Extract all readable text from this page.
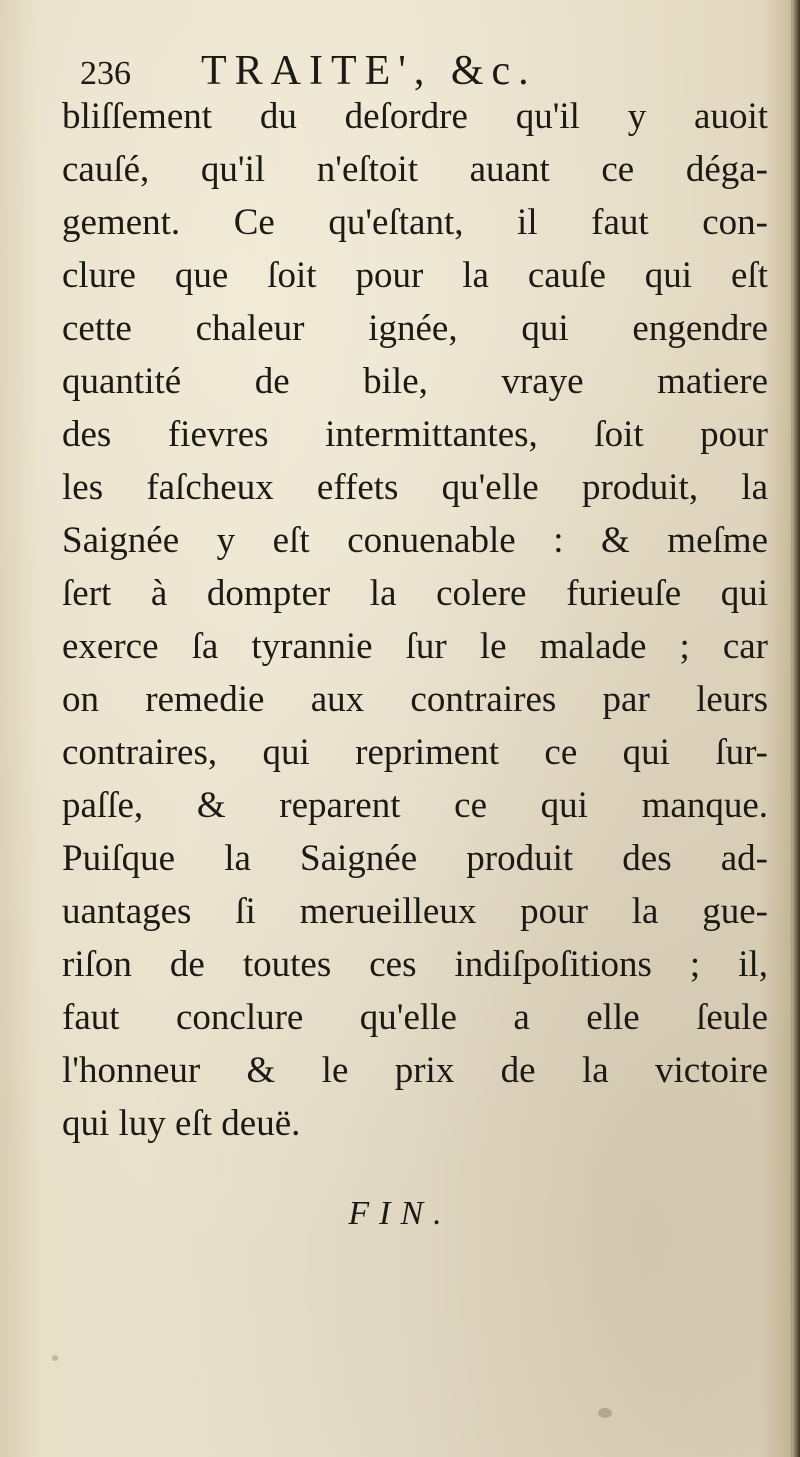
236 TRAITE', &c.
bliſſement du deſordre qu'il y auoit
cauſé, qu'il n'eſtoit auant ce déga-
gement. Ce qu'eſtant, il faut con-
clure que ſoit pour la cauſe qui eſt
cette chaleur ignée, qui engendre
quantité de bile, vraye matiere
des fievres intermittantes, ſoit pour
les faſcheux effets qu'elle produit, la
Saignée y eſt conuenable : & meſme
ſert à dompter la colere furieuſe qui
exerce ſa tyrannie ſur le malade ; car
on remedie aux contraires par leurs
contraires, qui repriment ce qui ſur-
paſſe, & reparent ce qui manque.
Puiſque la Saignée produit des ad-
uantages ſi merueilleux pour la gue-
riſon de toutes ces indiſpoſitions ; il,
faut conclure qu'elle a elle ſeule
l'honneur & le prix de la victoire
qui luy eſt deuë.
FIN.
